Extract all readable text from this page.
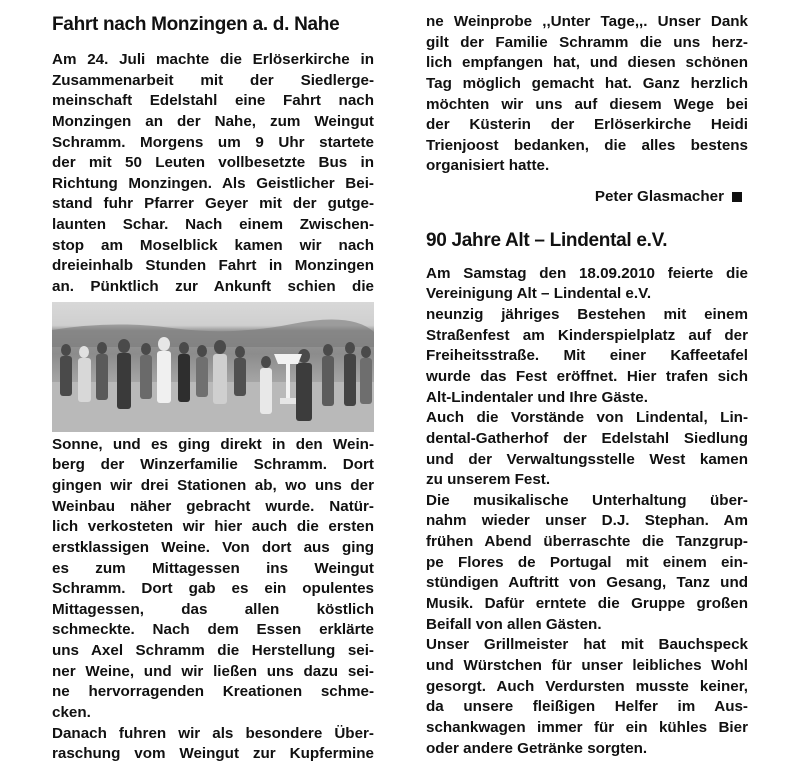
Fahrt nach Monzingen a. d. Nahe
Am 24. Juli machte die Erlöserkirche in
Zusammenarbeit mit der Siedlerge-
meinschaft Edelstahl eine Fahrt nach
Monzingen an der Nahe, zum Weingut
Schramm. Morgens um 9 Uhr startete
der mit 50 Leuten vollbesetzte Bus in
Richtung Monzingen. Als Geistlicher Bei-
stand fuhr Pfarrer Geyer mit der gutge-
launten Schar. Nach einem Zwischen-
stop am Moselblick kamen wir nach
dreieinhalb Stunden Fahrt in Monzingen
an. Pünktlich zur Ankunft schien die
Sonne, und es ging direkt in den Wein-
berg der Winzerfamilie Schramm. Dort
gingen wir drei Stationen ab, wo uns der
Weinbau näher gebracht wurde. Natür-
lich verkosteten wir hier auch die ersten
erstklassigen Weine. Von dort aus ging
es zum Mittagessen ins Weingut
Schramm. Dort gab es ein opulentes
Mittagessen, das allen köstlich
schmeckte. Nach dem Essen erklärte
uns Axel Schramm die Herstellung sei-
ner Weine, und wir ließen uns dazu sei-
ne hervorragenden Kreationen schme-
cken.
Danach fuhren wir als besondere Über-
raschung vom Weingut zur Kupfermine
ne Weinprobe ,,Unter Tage,,. Unser Dank
gilt der Familie Schramm die uns herz-
lich empfangen hat, und diesen schönen
Tag möglich gemacht hat. Ganz herzlich
möchten wir uns auf diesem Wege bei
der Küsterin der Erlöserkirche Heidi
Trienjoost bedanken, die alles bestens
organisiert hatte.
Peter Glasmacher
90 Jahre Alt – Lindental e.V.
Am Samstag den 18.09.2010 feierte die
Vereinigung Alt – Lindental e.V.
neunzig jähriges Bestehen mit einem
Straßenfest am Kinderspielplatz auf der
Freiheitsstraße. Mit einer Kaffeetafel
wurde das Fest eröffnet. Hier trafen sich
Alt-Lindentaler und Ihre Gäste.
Auch die Vorstände von Lindental, Lin-
dental-Gatherhof der Edelstahl Siedlung
und der Verwaltungsstelle West kamen
zu unserem Fest.
Die musikalische Unterhaltung über-
nahm wieder unser D.J. Stephan. Am
frühen Abend überraschte die Tanzgrup-
pe Flores de Portugal mit einem ein-
stündigen Auftritt von Gesang, Tanz und
Musik. Dafür erntete die Gruppe großen
Beifall von allen Gästen.
Unser Grillmeister hat mit Bauchspeck
und Würstchen für unser leibliches Wohl
gesorgt. Auch Verdursten musste keiner,
da unsere fleißigen Helfer im Aus-
schankwagen immer für ein kühles Bier
oder andere Getränke sorgten.
